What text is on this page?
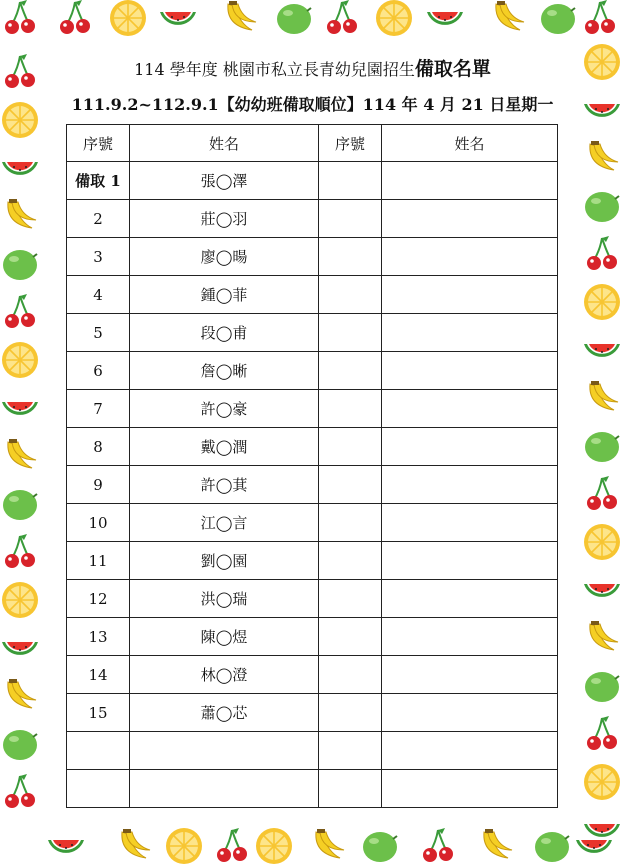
114 學年度 桃園市私立長青幼兒園招生備取名單
111.9.2~112.9.1【幼幼班備取順位】114 年 4 月 21 日星期一
序號	姓名	序號	姓名
備取 1	張◯澤		
2	莊◯羽		
3	廖◯暘		
4	鍾◯菲		
5	段◯甫		
6	詹◯晰		
7	許◯豪		
8	戴◯潤		
9	許◯萁		
10	江◯言		
11	劉◯園		
12	洪◯瑞		
13	陳◯煜		
14	林◯澄		
15	蕭◯芯		
